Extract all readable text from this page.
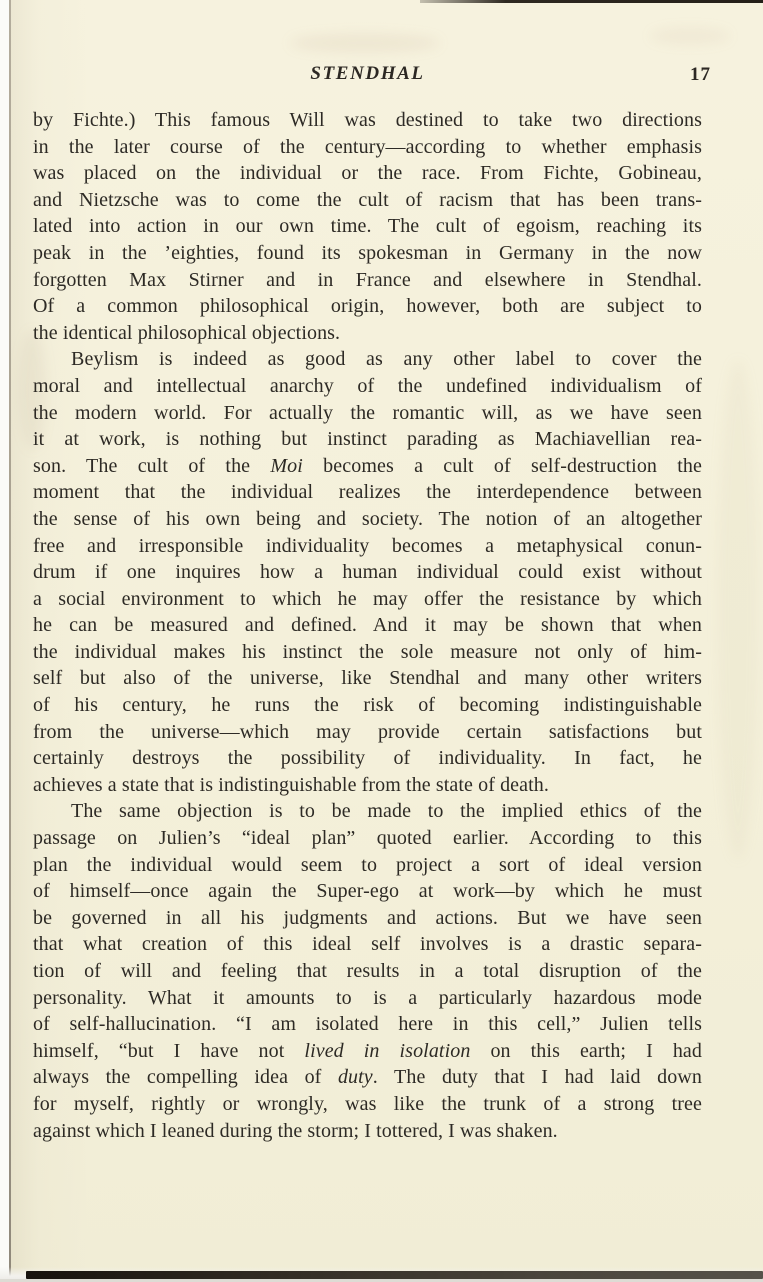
STENDHAL	17
by Fichte.) This famous Will was destined to take two directions
in the later course of the century—according to whether emphasis
was placed on the individual or the race. From Fichte, Gobineau,
and Nietzsche was to come the cult of racism that has been trans-
lated into action in our own time. The cult of egoism, reaching its
peak in the ’eighties, found its spokesman in Germany in the now
forgotten Max Stirner and in France and elsewhere in Stendhal.
Of a common philosophical origin, however, both are subject to
the identical philosophical objections.
Beylism is indeed as good as any other label to cover the
moral and intellectual anarchy of the undefined individualism of
the modern world. For actually the romantic will, as we have seen
it at work, is nothing but instinct parading as Machiavellian rea-
son. The cult of the Moi becomes a cult of self-destruction the
moment that the individual realizes the interdependence between
the sense of his own being and society. The notion of an altogether
free and irresponsible individuality becomes a metaphysical conun-
drum if one inquires how a human individual could exist without
a social environment to which he may offer the resistance by which
he can be measured and defined. And it may be shown that when
the individual makes his instinct the sole measure not only of him-
self but also of the universe, like Stendhal and many other writers
of his century, he runs the risk of becoming indistinguishable
from the universe—which may provide certain satisfactions but
certainly destroys the possibility of individuality. In fact, he
achieves a state that is indistinguishable from the state of death.
The same objection is to be made to the implied ethics of the
passage on Julien’s “ideal plan” quoted earlier. According to this
plan the individual would seem to project a sort of ideal version
of himself—once again the Super-ego at work—by which he must
be governed in all his judgments and actions. But we have seen
that what creation of this ideal self involves is a drastic separa-
tion of will and feeling that results in a total disruption of the
personality. What it amounts to is a particularly hazardous mode
of self-hallucination. “I am isolated here in this cell,” Julien tells
himself, “but I have not lived in isolation on this earth; I had
always the compelling idea of duty. The duty that I had laid down
for myself, rightly or wrongly, was like the trunk of a strong tree
against which I leaned during the storm; I tottered, I was shaken.
